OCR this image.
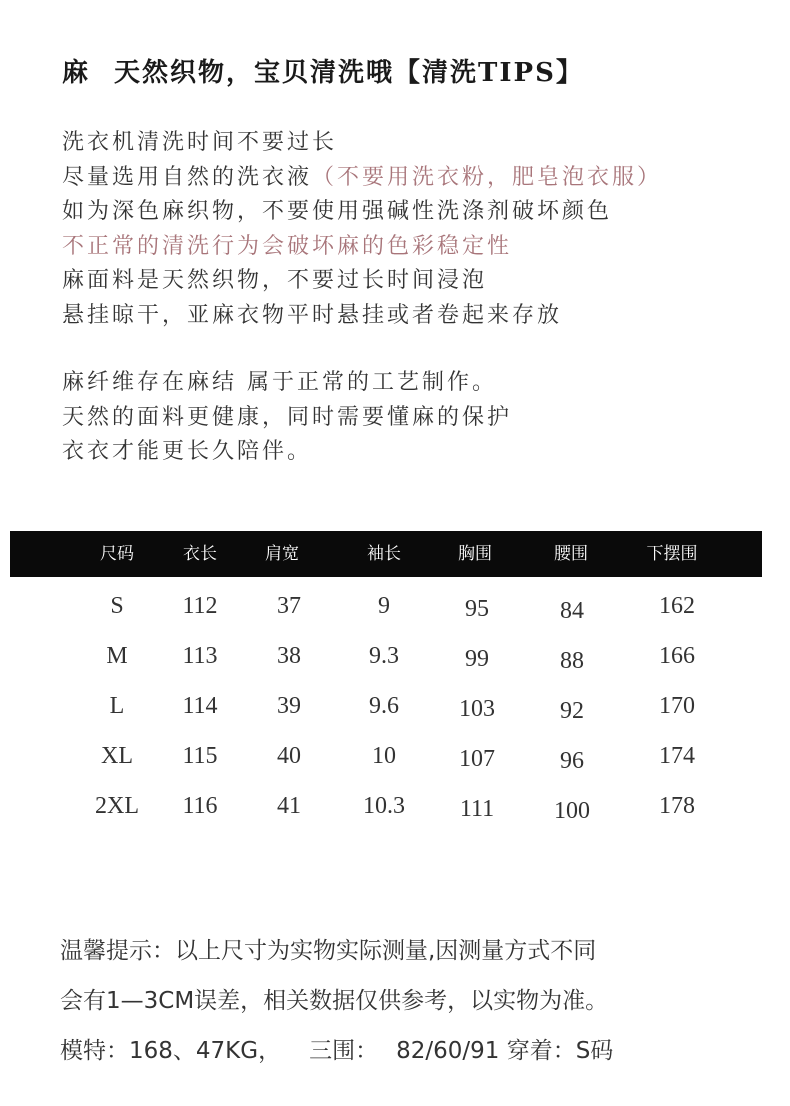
麻 天然织物，宝贝清洗哦【清洗TIPS】
洗衣机清洗时间不要过长
尽量选用自然的洗衣液（不要用洗衣粉，肥皂泡衣服）
如为深色麻织物，不要使用强碱性洗涤剂破坏颜色
不正常的清洗行为会破坏麻的色彩稳定性
麻面料是天然织物，不要过长时间浸泡
悬挂晾干，亚麻衣物平时悬挂或者卷起来存放
麻纤维存在麻结 属于正常的工艺制作。
天然的面料更健康，同时需要懂麻的保护
衣衣才能更长久陪伴。
尺码	衣长	肩宽	袖长	胸围	腰围	下摆围
S 112 37	9	95	84	162
M 113 38	9.3	99	88	166
L 114 39	9.6	103	92	170
XL 115 40	10	107	96	174
2XL 116 41	10.3 111 100	178
温馨提示：以上尺寸为实物实际测量,因测量方式不同
会有1—3CM误差，相关数据仅供参考，以实物为准。
模特：168、47KG， 三围： 82/60/91 穿着：S码
